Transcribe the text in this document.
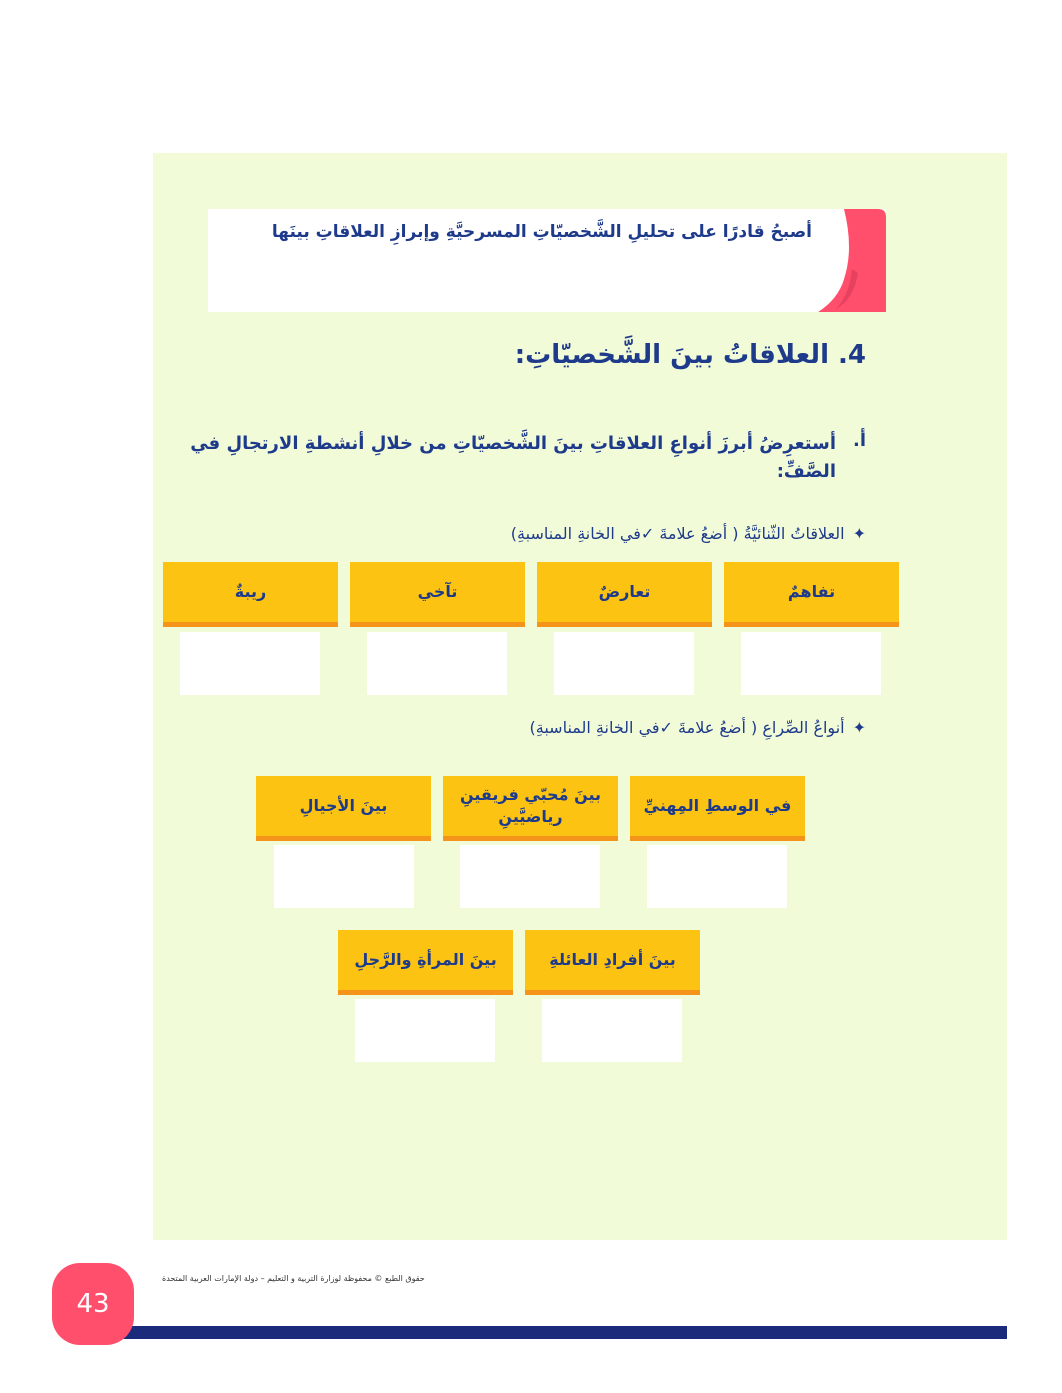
أصبحُ قادرًا على تحليلِ الشَّخصيّاتِ المسرحيَّةِ وإبرازِ العلاقاتِ بينَها
4. العلاقاتُ بينَ الشَّخصيّاتِ:
أ.
أستعرِضُ أبرزَ أنواعِ العلاقاتِ بينَ الشَّخصيّاتِ من خلالِ أنشطةِ الارتجالِ في الصَّفِّ:
✦العلاقاتُ الثّنائيَّةُ ( أضعُ علامةَ ✓في الخانةِ المناسبةِ)
تفاهمٌ
تعارضٌ
تآخي
ريبةٌ
✦أنواعُ الصِّراعِ ( أضعُ علامةَ ✓في الخانةِ المناسبةِ)
في الوسطِ المِهنيِّ
بينَ مُحبّي فريقينِ رياضيَّينِ
بينَ الأجيالِ
بينَ أفرادِ العائلةِ
بينَ المرأةِ والرَّجلِ
حقوق الطبع © محفوظة لوزارة التربية و التعليم – دولة الإمارات العربية المتحدة
43
